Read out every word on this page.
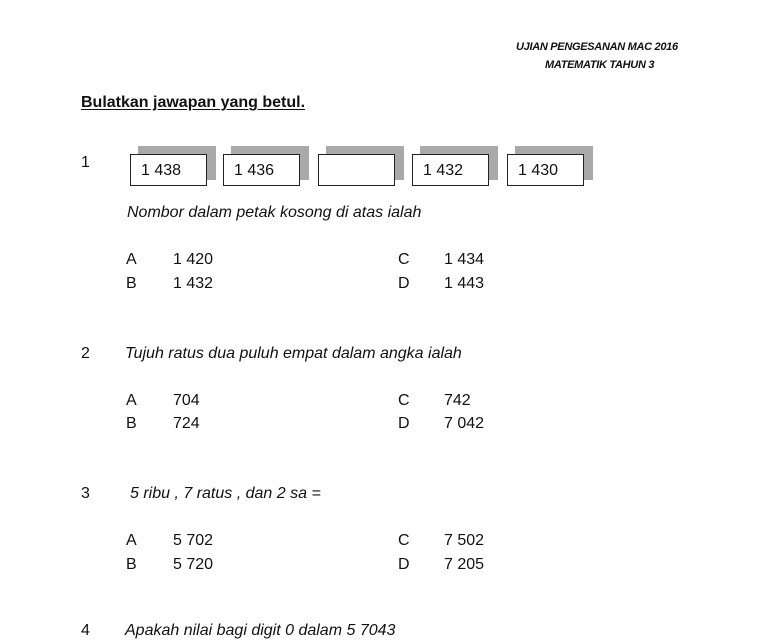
UJIAN PENGESANAN MAC 2016
MATEMATIK TAHUN 3
Bulatkan jawapan yang betul.
1	1 438	1 436	1 432	1 430
Nombor dalam petak kosong di atas ialah
A 1 420
B 1 432
C 1 434
D 1 443
2 Tujuh ratus dua puluh empat dalam angka ialah
A 704
B 724
C 742
D 7 042
3	5 ribu , 7 ratus , dan 2 sa =
A 5 702
B 5 720
C 7 502
D 7 205
4 Apakah nilai bagi digit 0 dalam 5 7043
